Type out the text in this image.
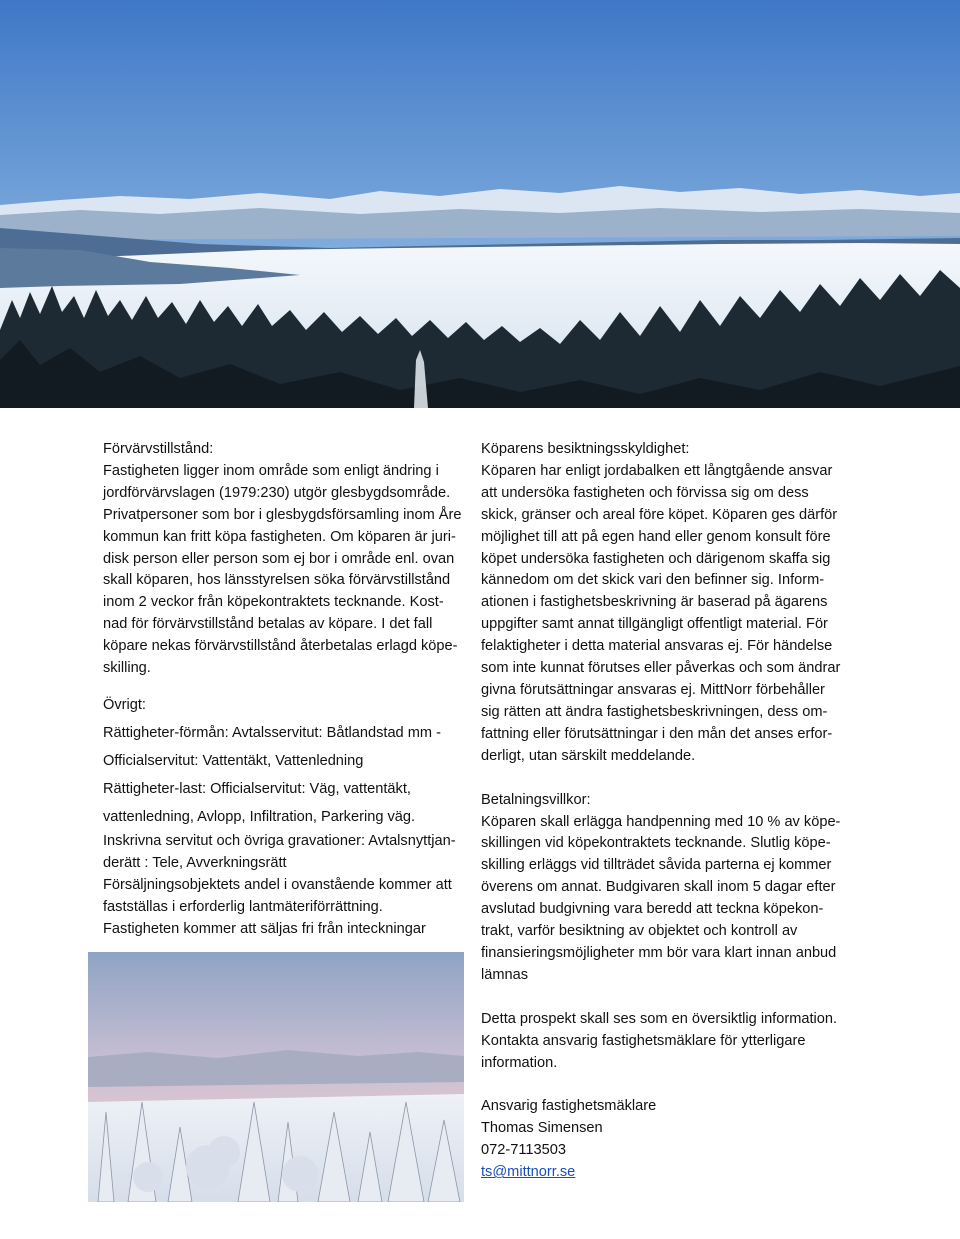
Förvärvstillstånd:
Fastigheten ligger inom område som enligt ändring i
jordförvärvslagen (1979:230) utgör glesbygdsområde.
Privatpersoner som bor i glesbygdsförsamling inom Åre
kommun kan fritt köpa fastigheten. Om köparen är juri-
disk person eller person som ej bor i område enl. ovan
skall köparen, hos länsstyrelsen söka förvärvstillstånd
inom 2 veckor från köpekontraktets tecknande. Kost-
nad för förvärvstillstånd betalas av köpare. I det fall
köpare nekas förvärvstillstånd återbetalas erlagd köpe-
skilling.
Övrigt:
Rättigheter-förmån: Avtalsservitut: Båtlandstad mm -
Officialservitut: Vattentäkt, Vattenledning
Rättigheter-last: Officialservitut: Väg, vattentäkt,
vattenledning, Avlopp, Infiltration, Parkering väg.
Inskrivna servitut och övriga gravationer: Avtalsnyttjan-
derätt : Tele, Avverkningsrätt
Försäljningsobjektets andel i ovanstående kommer att
fastställas i erforderlig lantmäteriförrättning.
Fastigheten kommer att säljas fri från inteckningar
Köparens besiktningsskyldighet:
Köparen har enligt jordabalken ett långtgående ansvar
att undersöka fastigheten och förvissa sig om dess
skick, gränser och areal före köpet. Köparen ges därför
möjlighet till att på egen hand eller genom konsult före
köpet undersöka fastigheten och därigenom skaffa sig
kännedom om det skick vari den befinner sig. Inform-
ationen i fastighetsbeskrivning är baserad på ägarens
uppgifter samt annat tillgängligt offentligt material. För
felaktigheter i detta material ansvaras ej. För händelse
som inte kunnat förutses eller påverkas och som ändrar
givna förutsättningar ansvaras ej. MittNorr förbehåller
sig rätten att ändra fastighetsbeskrivningen, dess om-
fattning eller förutsättningar i den mån det anses erfor-
derligt, utan särskilt meddelande.
Betalningsvillkor:
Köparen skall erlägga handpenning med 10 % av köpe-
skillingen vid köpekontraktets tecknande. Slutlig köpe-
skilling erläggs vid tillträdet såvida parterna ej kommer
överens om annat. Budgivaren skall inom 5 dagar efter
avslutad budgivning vara beredd att teckna köpekon-
trakt, varför besiktning av objektet och kontroll av
finansieringsmöjligheter mm bör vara klart innan anbud
lämnas
Detta prospekt skall ses som en översiktlig information.
Kontakta ansvarig fastighetsmäklare för ytterligare
information.
Ansvarig fastighetsmäklare
Thomas Simensen
072-7113503
ts@mittnorr.se
